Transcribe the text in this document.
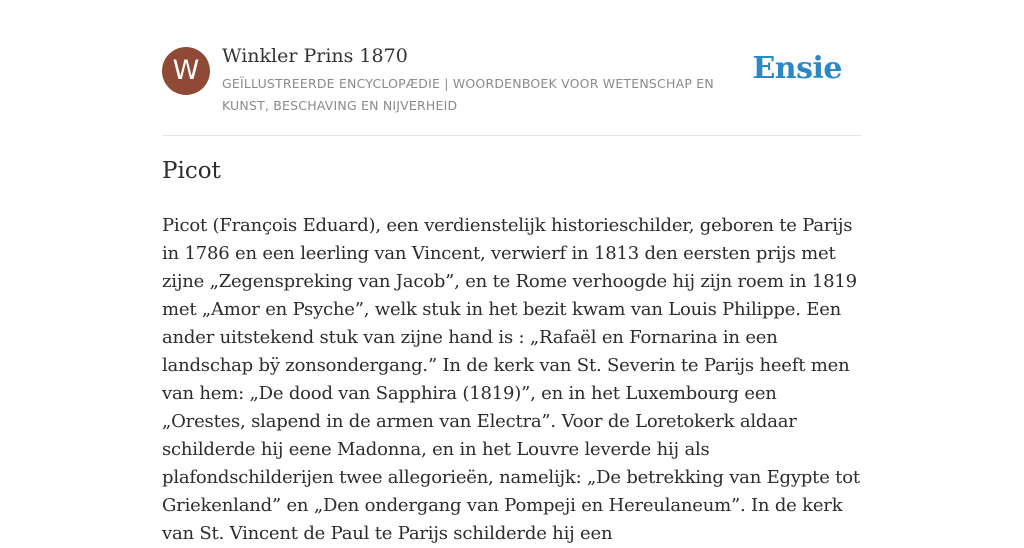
W	Winkler Prins 1870
GEÏLLUSTREERDE ENCYCLOPÆDIE | WOORDENBOEK VOOR WETENSCHAP EN KUNST, BESCHAVING EN NIJVERHEID
Ensie
Picot

Picot (François Eduard), een verdienstelijk historieschilder, geboren te Parijs in 1786 en een leerling van Vincent, verwierf in 1813 den eersten prijs met zijne „Zegenspreking van Jacob”, en te Rome verhoogde hij zijn roem in 1819 met „Amor en Psyche”, welk stuk in het bezit kwam van Louis Philippe. Een ander uitstekend stuk van zijne hand is : „Rafaël en Fornarina in een landschap bÿ zonsondergang.” In de kerk van St. Severin te Parijs heeft men van hem: „De dood van Sapphira (1819)”, en in het Luxembourg een „Orestes, slapend in de armen van Electra”. Voor de Loretokerk aldaar schilderde hij eene Madonna, en in het Louvre leverde hij als plafondschilderijen twee allegorieën, namelijk: „De betrekking van Egypte tot Griekenland” en „Den ondergang van Pompeji en Hereulaneum”. In de kerk van St. Vincent de Paul te Parijs schilderde hij een
